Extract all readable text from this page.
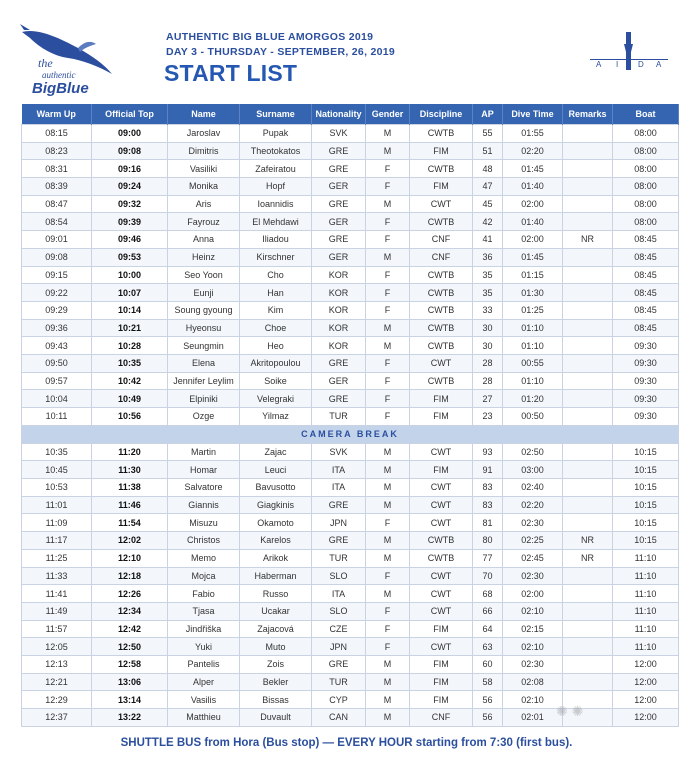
the
authentic
BigBlue
AUTHENTIC BIG BLUE AMORGOS 2019
DAY 3 - THURSDAY - SEPTEMBER, 26, 2019
START LIST	A I D A
Warm Up	Official Top	Name	Surname	Nationality	Gender	Discipline	AP	Dive Time	Remarks	Boat
08:15	09:00	Jaroslav	Pupak	SVK	M	CWTB	55	01:55		08:00
08:23	09:08	Dimitris	Theotokatos	GRE	M	FIM	51	02:20		08:00
08:31	09:16	Vasiliki	Zafeiratou	GRE	F	CWTB	48	01:45		08:00
08:39	09:24	Monika	Hopf	GER	F	FIM	47	01:40		08:00
08:47	09:32	Aris	Ioannidis	GRE	M	CWT	45	02:00		08:00
08:54	09:39	Fayrouz	El Mehdawi	GER	F	CWTB	42	01:40		08:00
09:01	09:46	Anna	Iliadou	GRE	F	CNF	41	02:00	NR	08:45
09:08	09:53	Heinz	Kirschner	GER	M	CNF	36	01:45		08:45
09:15	10:00	Seo Yoon	Cho	KOR	F	CWTB	35	01:15		08:45
09:22	10:07	Eunji	Han	KOR	F	CWTB	35	01:30		08:45
09:29	10:14	Soung gyoung	Kim	KOR	F	CWTB	33	01:25		08:45
09:36	10:21	Hyeonsu	Choe	KOR	M	CWTB	30	01:10		08:45
09:43	10:28	Seungmin	Heo	KOR	M	CWTB	30	01:10		09:30
09:50	10:35	Elena	Akritopoulou	GRE	F	CWT	28	00:55		09:30
09:57	10:42	Jennifer Leylim	Soike	GER	F	CWTB	28	01:10		09:30
10:04	10:49	Elpiniki	Velegraki	GRE	F	FIM	27	01:20		09:30
10:11	10:56	Ozge	Yilmaz	TUR	F	FIM	23	00:50		09:30
CAMERA BREAK										
10:35	11:20	Martin	Zajac	SVK	M	CWT	93	02:50		10:15
10:45	11:30	Homar	Leuci	ITA	M	FIM	91	03:00		10:15
10:53	11:38	Salvatore	Bavusotto	ITA	M	CWT	83	02:40		10:15
11:01	11:46	Giannis	Giagkinis	GRE	M	CWT	83	02:20		10:15
11:09	11:54	Misuzu	Okamoto	JPN	F	CWT	81	02:30		10:15
11:17	12:02	Christos	Karelos	GRE	M	CWTB	80	02:25	NR	10:15
11:25	12:10	Memo	Arikok	TUR	M	CWTB	77	02:45	NR	11:10
11:33	12:18	Mojca	Haberman	SLO	F	CWT	70	02:30		11:10
11:41	12:26	Fabio	Russo	ITA	M	CWT	68	02:00		11:10
11:49	12:34	Tjasa	Ucakar	SLO	F	CWT	66	02:10		11:10
11:57	12:42	Jindřiška	Zajacová	CZE	F	FIM	64	02:15		11:10
12:05	12:50	Yuki	Muto	JPN	F	CWT	63	02:10		11:10
12:13	12:58	Pantelis	Zois	GRE	M	FIM	60	02:30		12:00
12:21	13:06	Alper	Bekler	TUR	M	FIM	58	02:08		12:00
12:29	13:14	Vasilis	Bissas	CYP	M	FIM	56	02:10		12:00
12:37	13:22	Matthieu	Duvault	CAN	M	CNF	56	02:01		12:00
SHUTTLE BUS from Hora (Bus stop) — EVERY HOUR starting from 7:30 (first bus).
✺ ✺
